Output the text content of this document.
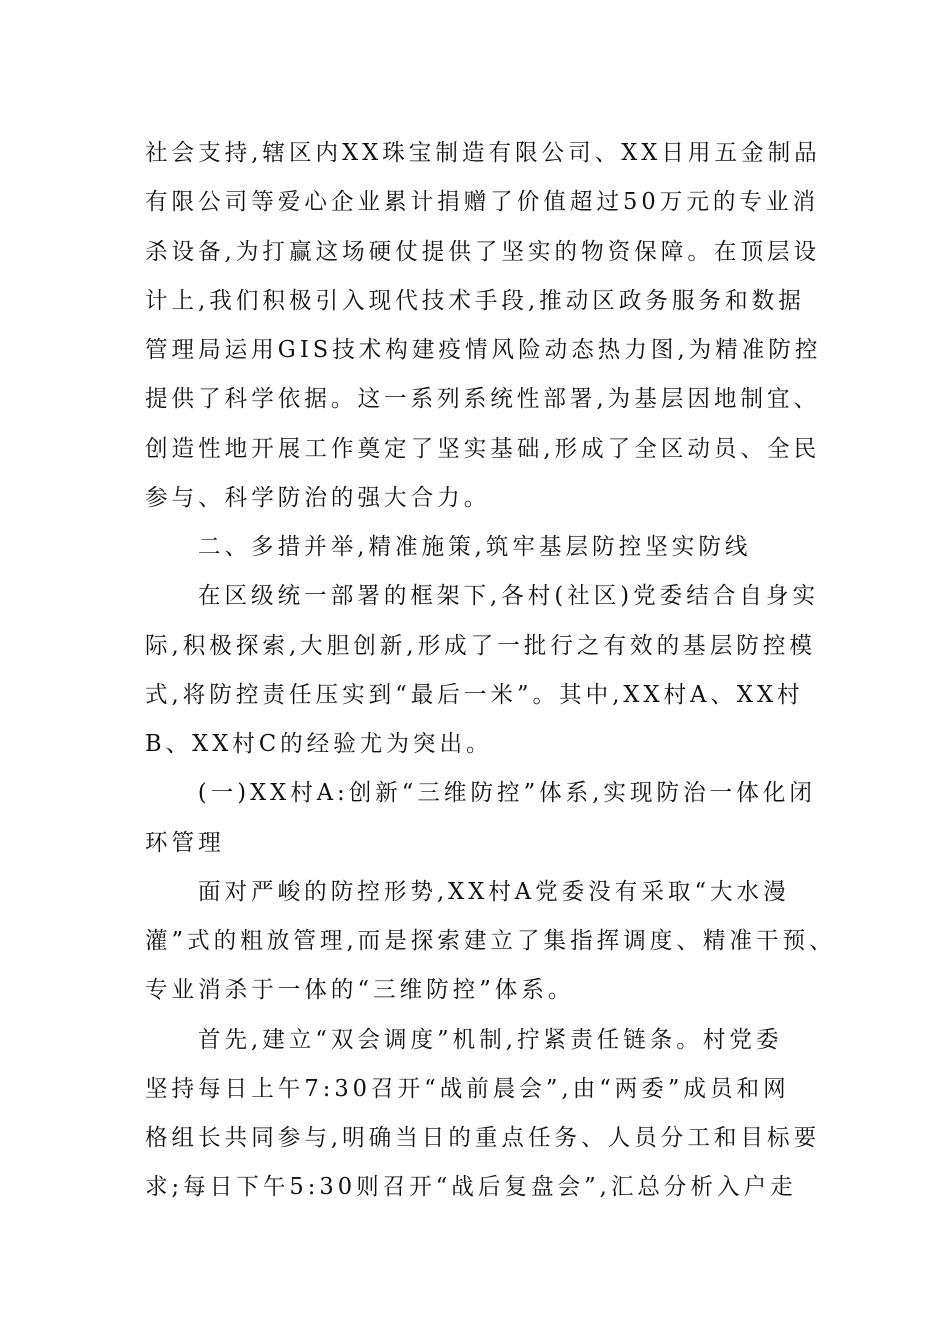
社会支持,辖区内XX珠宝制造有限公司、XX日用五金制品
有限公司等爱心企业累计捐赠了价值超过50万元的专业消
杀设备,为打赢这场硬仗提供了坚实的物资保障。在顶层设
计上,我们积极引入现代技术手段,推动区政务服务和数据
管理局运用GIS技术构建疫情风险动态热力图,为精准防控
提供了科学依据。这一系列系统性部署,为基层因地制宜、
创造性地开展工作奠定了坚实基础,形成了全区动员、全民
参与、科学防治的强大合力。
二、多措并举,精准施策,筑牢基层防控坚实防线
在区级统一部署的框架下,各村(社区)党委结合自身实
际,积极探索,大胆创新,形成了一批行之有效的基层防控模
式,将防控责任压实到“最后一米”。其中,XX村A、XX村
B、XX村C的经验尤为突出。
(一)XX村A:创新“三维防控”体系,实现防治一体化闭
环管理
面对严峻的防控形势,XX村A党委没有采取“大水漫
灌”式的粗放管理,而是探索建立了集指挥调度、精准干预、
专业消杀于一体的“三维防控”体系。
首先,建立“双会调度”机制,拧紧责任链条。村党委
坚持每日上午7:30召开“战前晨会”,由“两委”成员和网
格组长共同参与,明确当日的重点任务、人员分工和目标要
求;每日下午5:30则召开“战后复盘会”,汇总分析入户走
